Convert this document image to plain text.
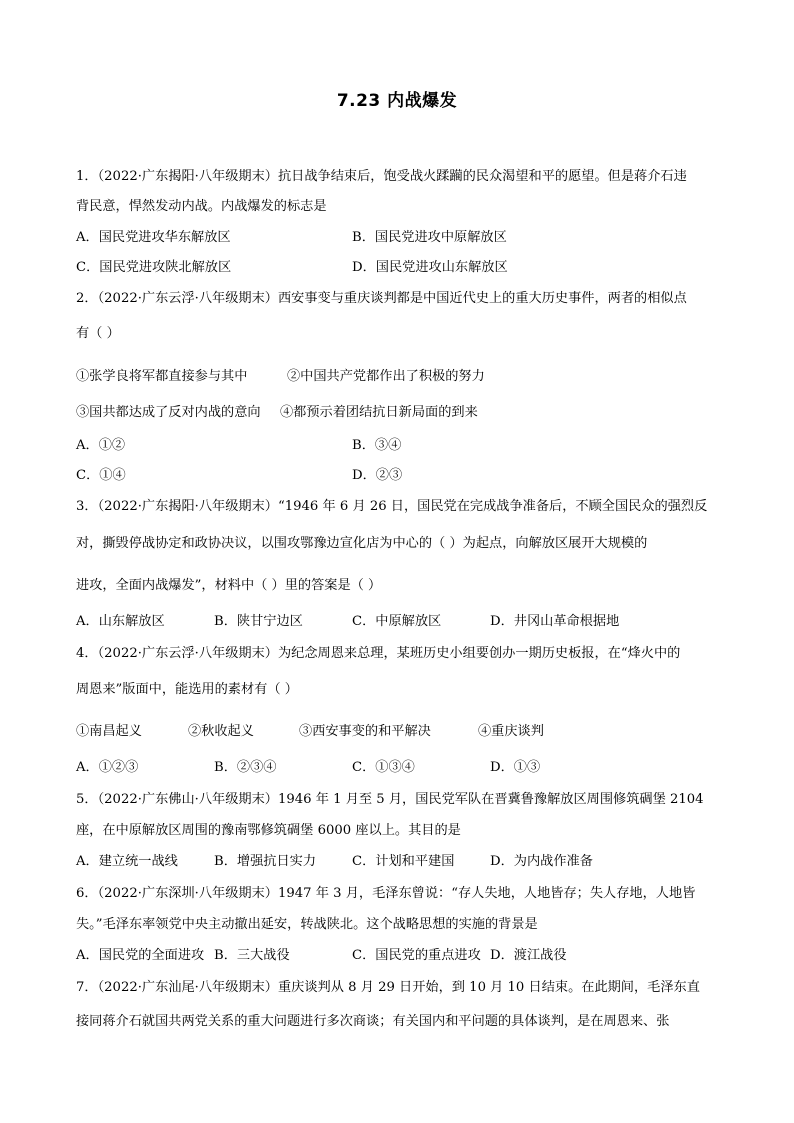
7.23 内战爆发
1．（2022·广东揭阳·八年级期末）抗日战争结束后，饱受战火蹂躏的民众渴望和平的愿望。但是蒋介石违
背民意，悍然发动内战。内战爆发的标志是
A．国民党进攻华东解放区	B．国民党进攻中原解放区
C．国民党进攻陕北解放区	D．国民党进攻山东解放区
2．（2022·广东云浮·八年级期末）西安事变与重庆谈判都是中国近代史上的重大历史事件，两者的相似点
有（ ）
①张学良将军都直接参与其中	②中国共产党都作出了积极的努力
③国共都达成了反对内战的意向 ④都预示着团结抗日新局面的到来
A．①②	B．③④
C．①④	D．②③
3．（2022·广东揭阳·八年级期末）“1946 年 6 月 26 日，国民党在完成战争准备后，不顾全国民众的强烈反
对，撕毁停战协定和政协决议，以围攻鄂豫边宣化店为中心的（ ）为起点，向解放区展开大规模的
进攻，全面内战爆发”，材料中（ ）里的答案是（ ）
A．山东解放区	B．陕甘宁边区	C．中原解放区	D．井冈山革命根据地
4．（2022·广东云浮·八年级期末）为纪念周恩来总理，某班历史小组要创办一期历史板报，在“烽火中的
周恩来”版面中，能选用的素材有（ ）
①南昌起义	②秋收起义	③西安事变的和平解决	④重庆谈判
A．①②③	B．②③④	C．①③④	D．①③
5．（2022·广东佛山·八年级期末）1946 年 1 月至 5 月，国民党军队在晋冀鲁豫解放区周围修筑碉堡 2104
座，在中原解放区周围的豫南鄂修筑碉堡 6000 座以上。其目的是
A．建立统一战线	B．增强抗日实力	C．计划和平建国	D．为内战作准备
6．（2022·广东深圳·八年级期末）1947 年 3 月，毛泽东曾说：“存人失地，人地皆存；失人存地，人地皆
失。”毛泽东率领党中央主动撤出延安，转战陕北。这个战略思想的实施的背景是
A．国民党的全面进攻 B．三大战役	C．国民党的重点进攻 D．渡江战役
7．（2022·广东汕尾·八年级期末）重庆谈判从 8 月 29 日开始，到 10 月 10 日结束。在此期间，毛泽东直
接同蒋介石就国共两党关系的重大问题进行多次商谈；有关国内和平问题的具体谈判，是在周恩来、张
